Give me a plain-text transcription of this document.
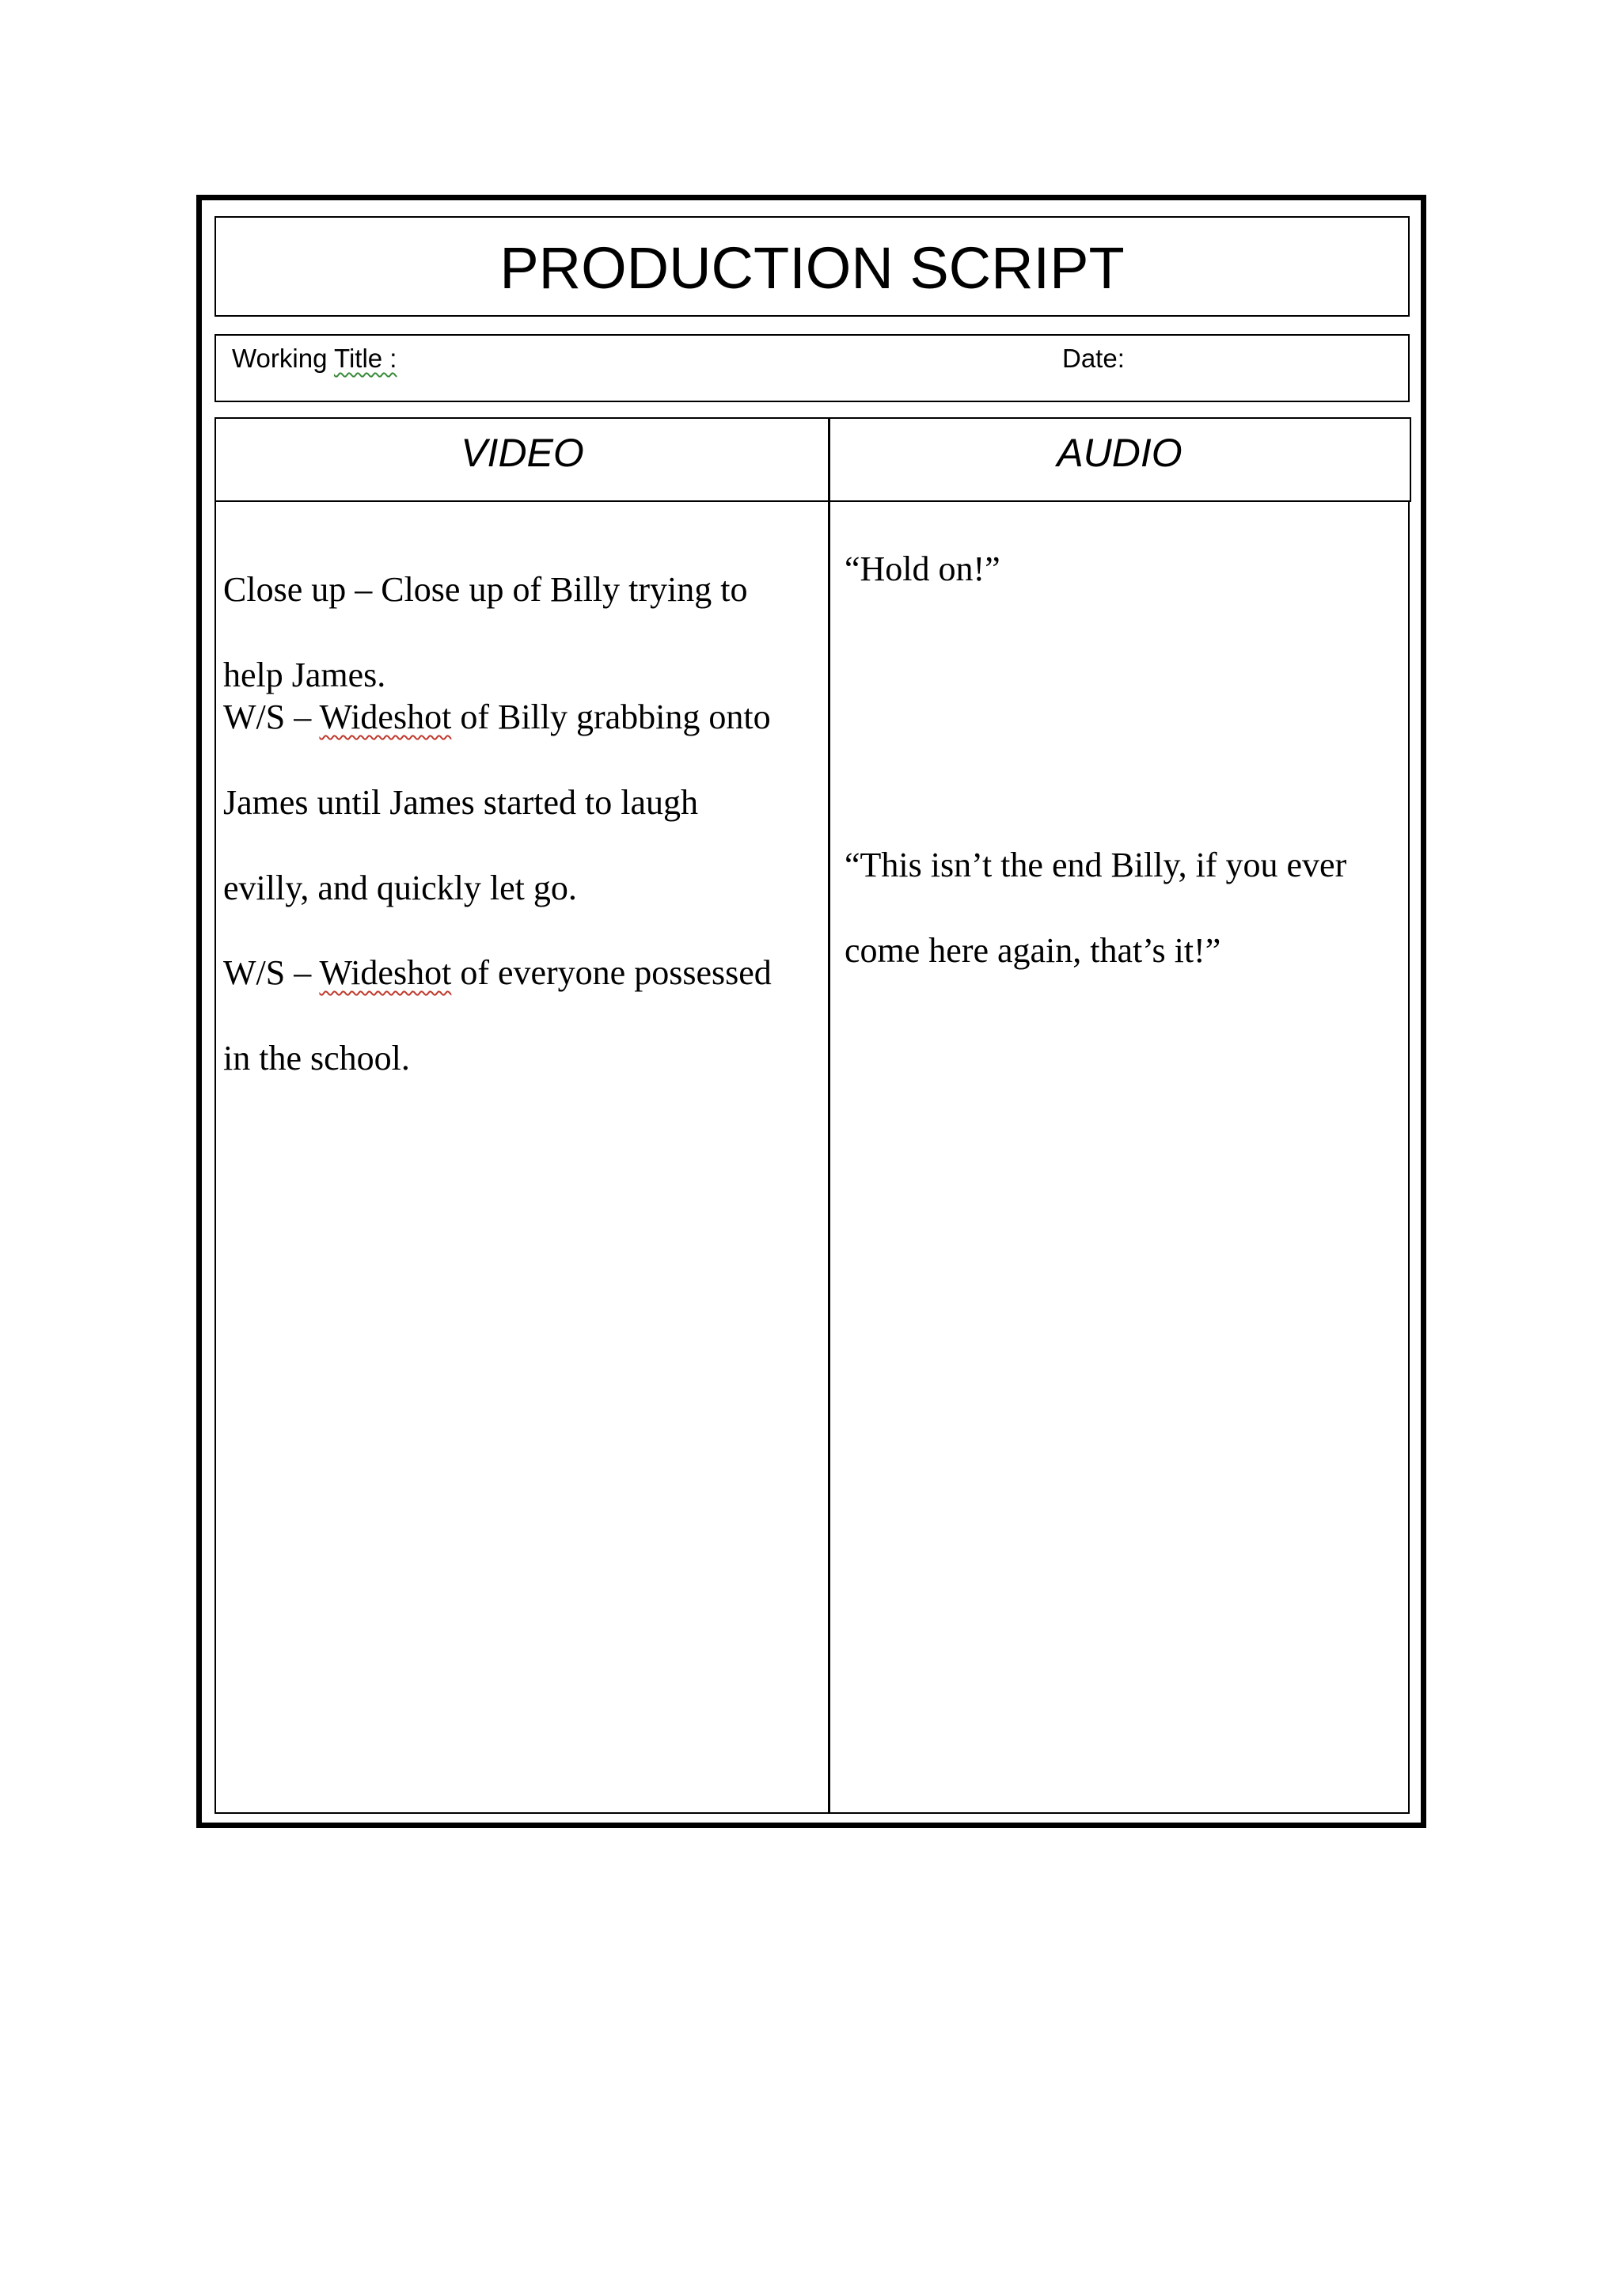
PRODUCTION SCRIPT
Working Title :	Date:
VIDEO	AUDIO

Close up – Close up of Billy trying to

help James.

W/S – Wideshot of Billy grabbing onto

James until James started to laugh

evilly, and quickly let go.

W/S – Wideshot of everyone possessed

in the school.

“Hold on!”

“This isn’t the end Billy, if you ever

come here again, that’s it!”
